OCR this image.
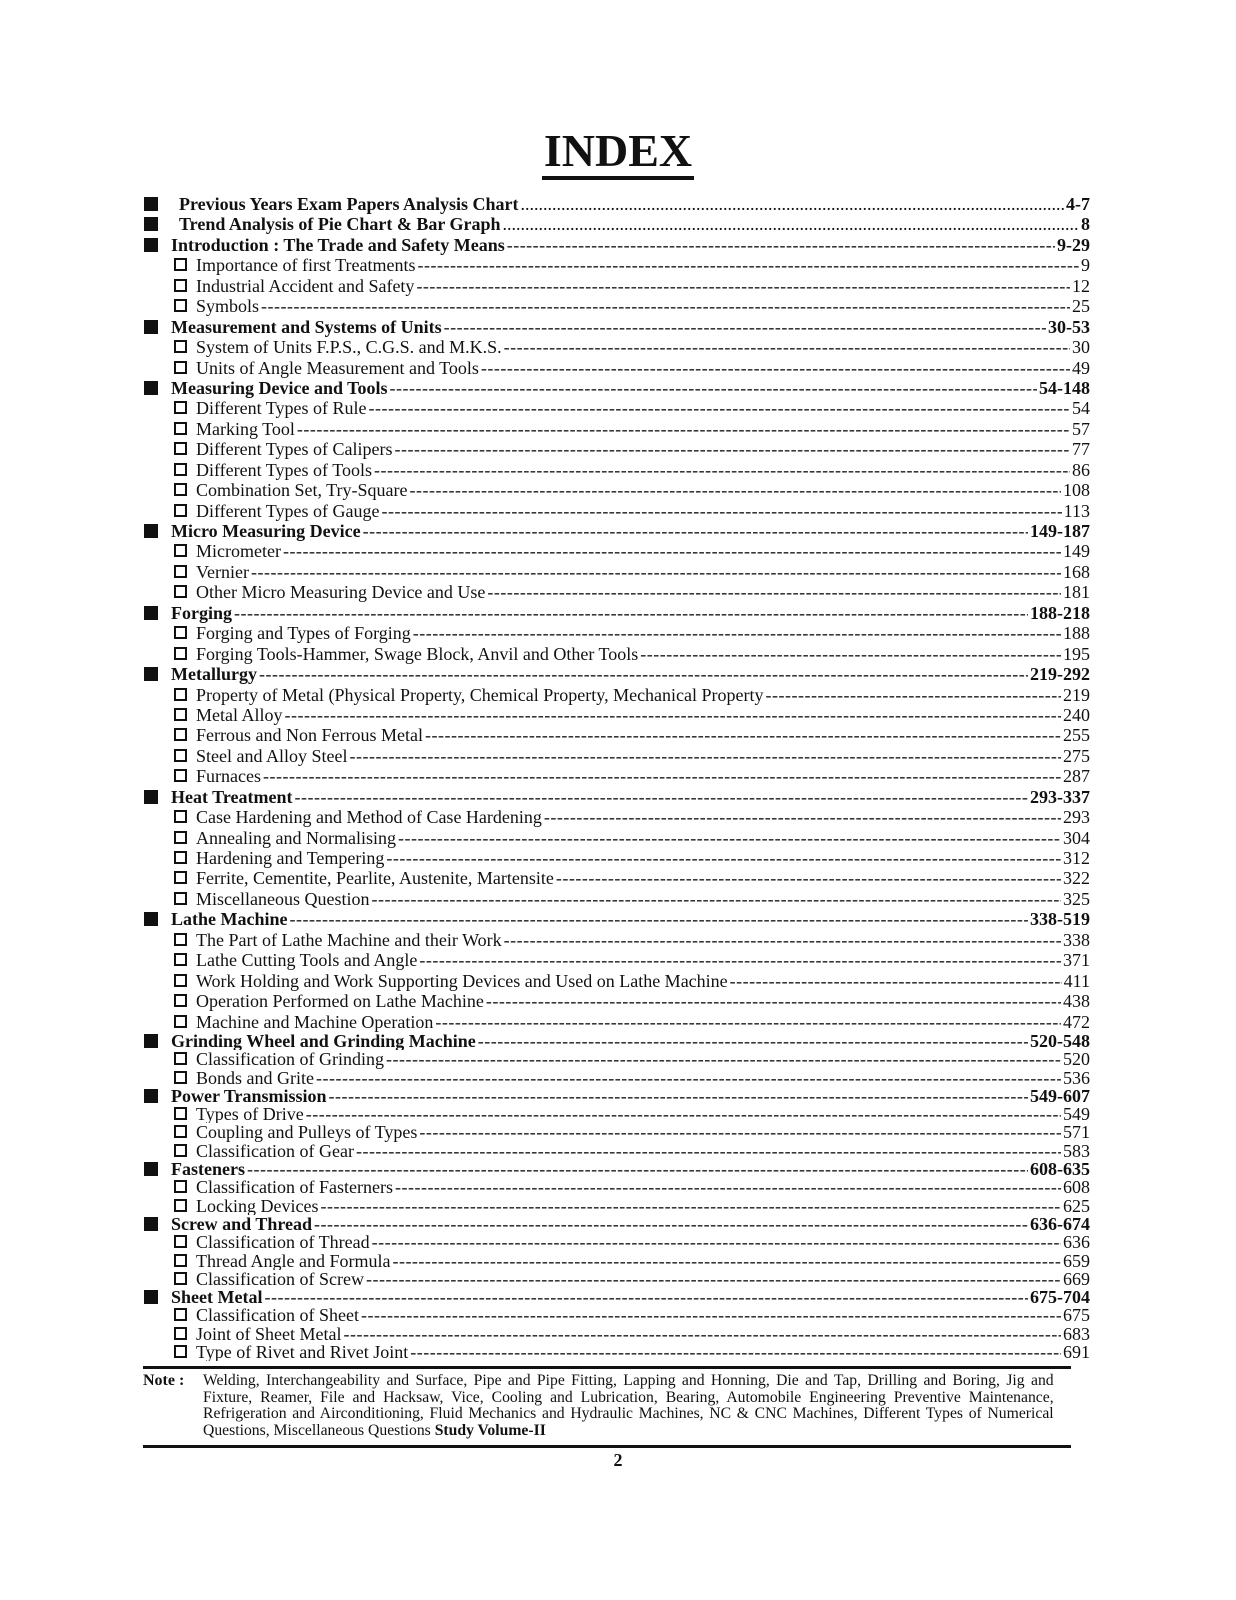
INDEX
Previous Years Exam Papers Analysis Chart .....	4-7
Trend Analysis of Pie Chart & Bar Graph .....	8
Introduction : The Trade and Safety Means -----	9-29
Importance of first Treatments -----	9
Industrial Accident and Safety -----	12
Symbols -----	25
Measurement and Systems of Units -----	30-53
System of Units F.P.S., C.G.S. and M.K.S. -----	30
Units of Angle Measurement and Tools -----	49
Measuring Device and Tools -----	54-148
Different Types of Rule -----	54
Marking Tool -----	57
Different Types of Calipers -----	77
Different Types of Tools -----	86
Combination Set, Try-Square -----	108
Different Types of Gauge -----	113
Micro Measuring Device -----	149-187
Micrometer -----	149
Vernier -----	168
Other Micro Measuring Device and Use -----	181
Forging -----	188-218
Forging and Types of Forging -----	188
Forging Tools-Hammer, Swage Block, Anvil and Other Tools -----	195
Metallurgy -----	219-292
Property of Metal (Physical Property, Chemical Property, Mechanical Property -----	219
Metal Alloy -----	240
Ferrous and Non Ferrous Metal -----	255
Steel and Alloy Steel -----	275
Furnaces -----	287
Heat Treatment -----	293-337
Case Hardening and Method of Case Hardening -----	293
Annealing and Normalising -----	304
Hardening and Tempering -----	312
Ferrite, Cementite, Pearlite, Austenite, Martensite -----	322
Miscellaneous Question -----	325
Lathe Machine -----	338-519
The Part of Lathe Machine and their Work -----	338
Lathe Cutting Tools and Angle -----	371
Work Holding and Work Supporting Devices and Used on Lathe Machine -----	411
Operation Performed on Lathe Machine -----	438
Machine and Machine Operation -----	472
Grinding Wheel and Grinding Machine -----	520-548
Classification of Grinding -----	520
Bonds and Grite -----	536
Power Transmission -----	549-607
Types of Drive -----	549
Coupling and Pulleys of Types -----	571
Classification of Gear -----	583
Fasteners -----	608-635
Classification of Fasterners -----	608
Locking Devices -----	625
Screw and Thread -----	636-674
Classification of Thread -----	636
Thread Angle and Formula -----	659
Classification of Screw -----	669
Sheet Metal -----	675-704
Classification of Sheet -----	675
Joint of Sheet Metal -----	683
Type of Rivet and Rivet Joint -----	691
Note :	Welding, Interchangeability and Surface, Pipe and Pipe Fitting, Lapping and Honning, Die and Tap, Drilling and Boring, Jig and Fixture, Reamer, File and Hacksaw, Vice, Cooling and Lubrication, Bearing, Automobile Engineering Preventive Maintenance, Refrigeration and Airconditioning, Fluid Mechanics and Hydraulic Machines, NC & CNC Machines, Different Types of Numerical Questions, Miscellaneous Questions Study Volume-II
2
